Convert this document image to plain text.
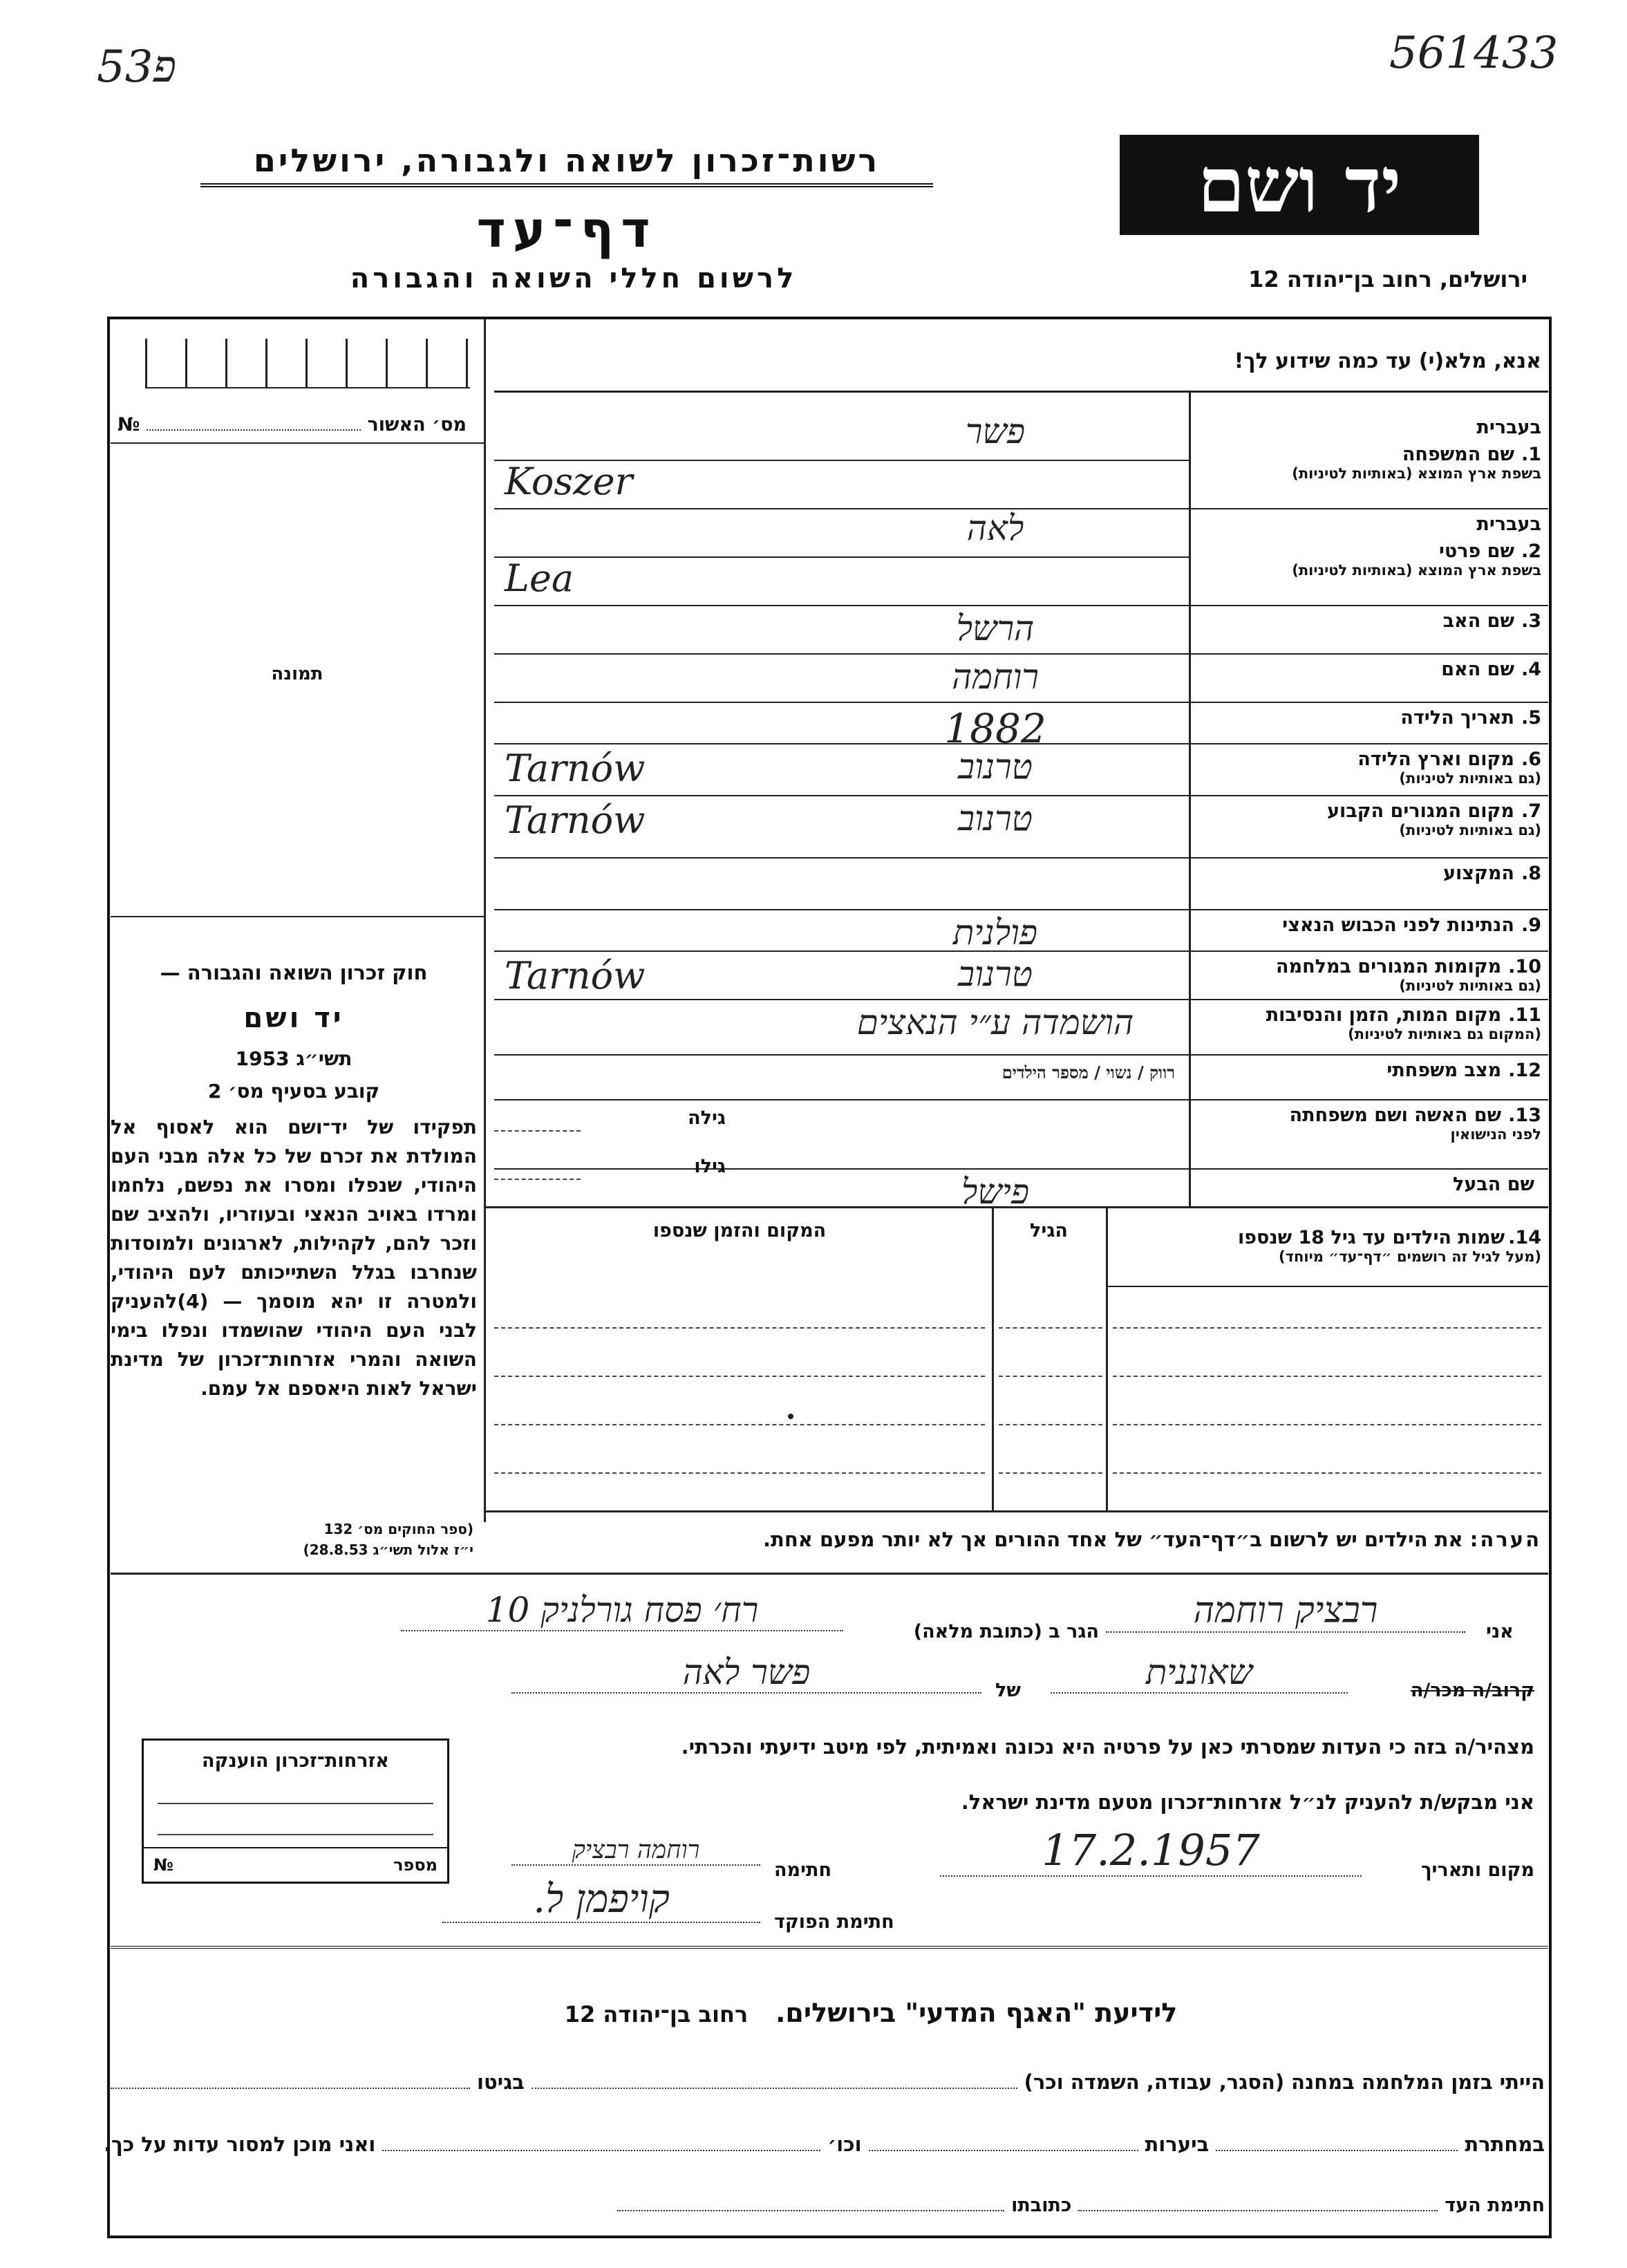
53פ	561433
יד ושם
רשות־זכרון לשואה ולגבורה, ירושלים
דף־עד
לרשום חללי השואה והגבורה	ירושלים, רחוב בן־יהודה 12
מס׳ האשור
№
תמונה
חוק זכרון השואה והגבורה —
יד ושם
תשי״ג 1953
קובע בסעיף מס׳ 2
תפקידו של יד־ושם הוא לאסוף אל המולדת את זכרם של כל אלה מבני העם היהודי, שנפלו ומסרו את נפשם, נלחמו ומרדו באויב הנאצי ובעוזריו, ולהציב שם וזכר להם, לקהילות, לארגונים ולמוסדות שנחרבו בגלל השתייכותם לעם היהודי, ולמטרה זו יהא מוסמך — (4)להעניק לבני העם היהודי שהושמדו ונפלו בימי השואה והמרי אזרחות־זכרון של מדינת ישראל לאות היאספם אל עמם.
(ספר החוקים מס׳ 132
י״ז אלול תשי״ג 28.8.53)
אנא, מלא(י) עד כמה שידוע לך!
בעברית
1.שם המשפחה
בשפת ארץ המוצא (באותיות לטיניות)
פשר
Koszer
בעברית
2.שם פרטי
בשפת ארץ המוצא (באותיות לטיניות)
לאה
Lea
3.שם האב
הרשל
4.שם האם
רוחמה
5.תאריך הלידה
1882
6.מקום וארץ הלידה
(גם באותיות לטיניות)
טרנוב
Tarnów
7.מקום המגורים הקבוע
(גם באותיות לטיניות)
טרנוב
Tarnów
8.המקצוע
9.הנתינות לפני הכבוש הנאצי
פולנית
10.מקומות המגורים במלחמה
(גם באותיות לטיניות)
טרנוב
Tarnów
11.מקום המות, הזמן והנסיבות
(המקום גם באותיות לטיניות)
הושמדה ע״י הנאצים
12.מצב משפחתי
רווק / נשוי / מספר הילדים
13.שם האשה ושם משפחתה
לפני הנישואין
גילה
גילו
שם הבעל
פישל
14. שמות הילדים עד גיל 18 שנספו
(מעל לגיל זה רושמים ״דף־עד״ מיוחד)
הגיל
המקום והזמן שנספו
הערה: את הילדים יש לרשום ב״דף־העד״ של אחד ההורים אך לא יותר מפעם אחת.
אני
רבציק רוחמה
הגר ב (כתובת מלאה)
רח׳ פסח גורלניק 10
קרוב/ה מכר/ה
שאוננית
של
פשר לאה
מצהיר/ה בזה כי העדות שמסרתי כאן על פרטיה היא נכונה ואמיתית, לפי מיטב ידיעתי והכרתי.
אני מבקש/ת להעניק לנ״ל אזרחות־זכרון מטעם מדינת ישראל.
מקום ותאריך
17.2.1957
חתימה
רוחמה רבציק
חתימת הפוקד
קויפמן ל.
אזרחות־זכרון הוענקה
מספר
№
לידיעת "האגף המדעי" בירושלים.   רחוב בן־יהודה 12
הייתי בזמן המלחמה במחנה (הסגר, עבודה, השמדה וכר)
בגיטו
במחתרת
ביערות
וכו׳
ואני מוכן למסור עדות על כך.
חתימת העד
כתובתו
